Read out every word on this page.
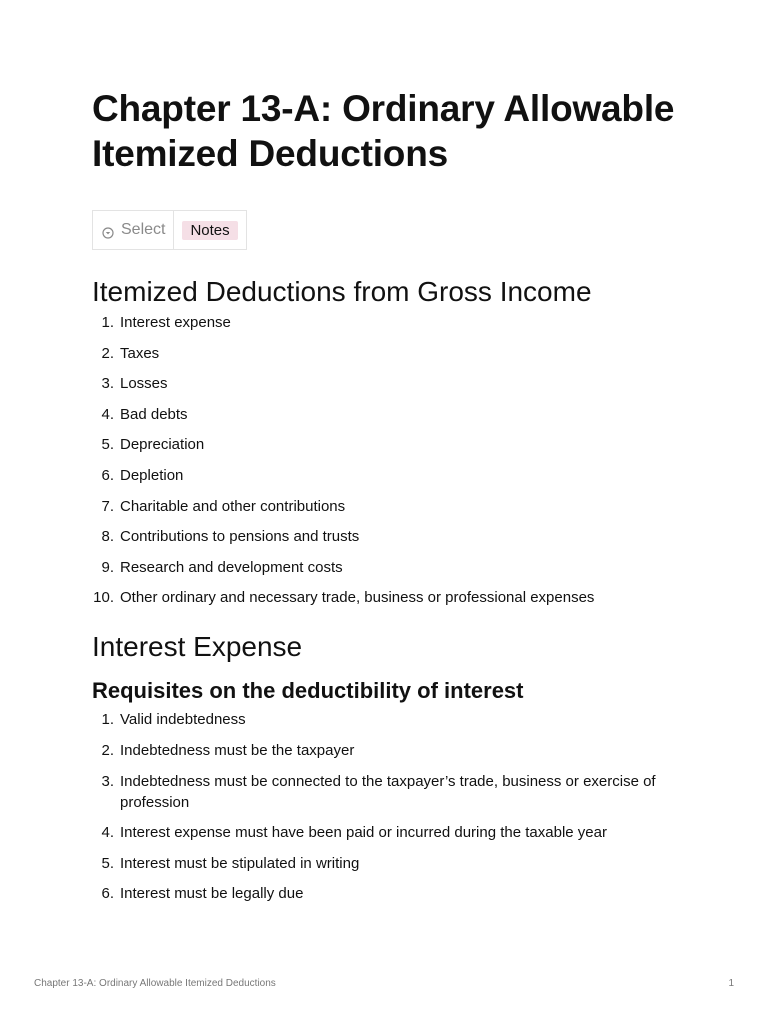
Chapter 13-A: Ordinary Allowable Itemized Deductions
Select	Notes
Itemized Deductions from Gross Income
1. Interest expense
2. Taxes
3. Losses
4. Bad debts
5. Depreciation
6. Depletion
7. Charitable and other contributions
8. Contributions to pensions and trusts
9. Research and development costs
10. Other ordinary and necessary trade, business or professional expenses
Interest Expense
Requisites on the deductibility of interest
1. Valid indebtedness
2. Indebtedness must be the taxpayer
3. Indebtedness must be connected to the taxpayer’s trade, business or exercise of profession
4. Interest expense must have been paid or incurred during the taxable year
5. Interest must be stipulated in writing
6. Interest must be legally due
Chapter 13-A: Ordinary Allowable Itemized Deductions	1
